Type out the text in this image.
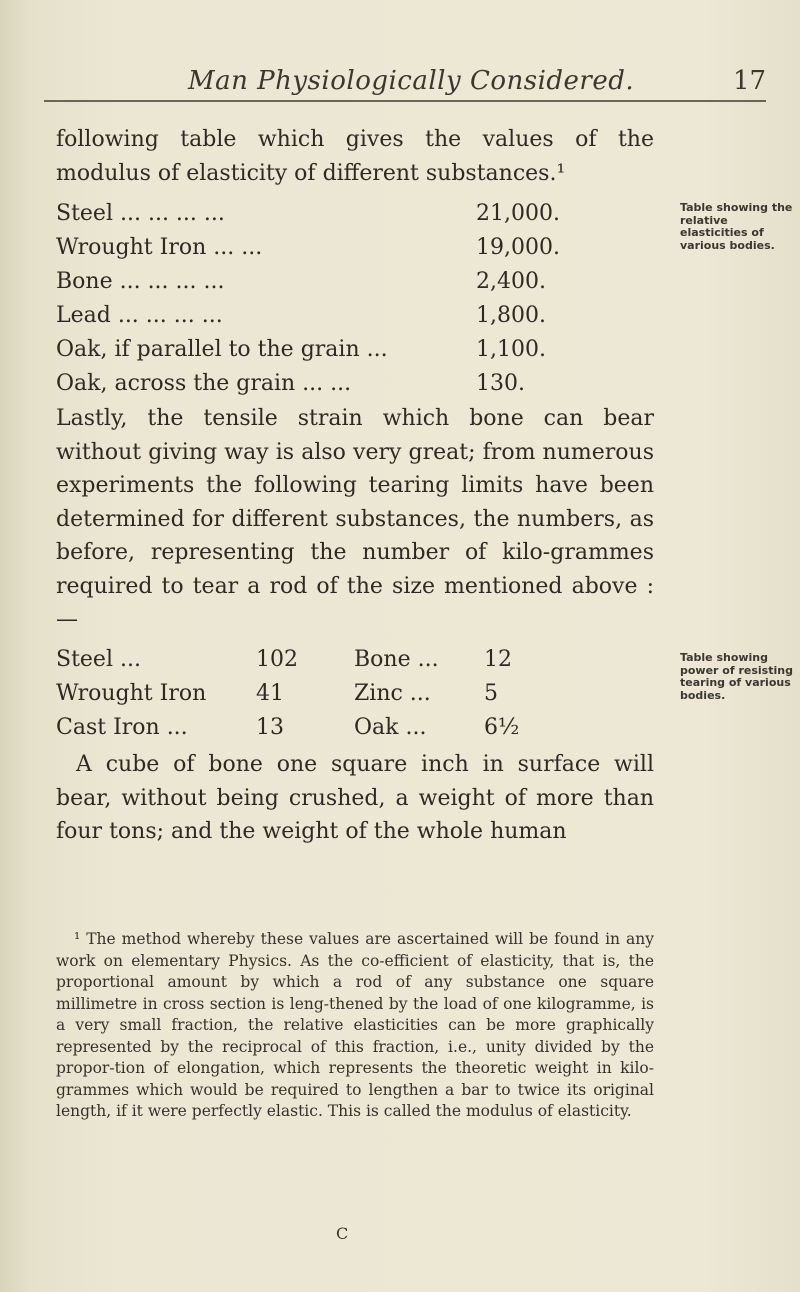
Man Physiologically Considered.	17
following table which gives the values of the modulus of elasticity of different substances.¹
Steel ... ... ... ...	21,000.
Wrought Iron ... ...	19,000.
Bone ... ... ... ...	2,400.
Lead ... ... ... ...	1,800.
Oak, if parallel to the grain ...	1,100.
Oak, across the grain ... ...	130.
Table showing the relative elasticities of various bodies.
Lastly, the tensile strain which bone can bear without giving way is also very great; from numerous experiments the following tearing limits have been determined for different substances, the numbers, as before, representing the number of kilo-grammes required to tear a rod of the size mentioned above :—
Steel ...	102	Bone ...	12
Wrought Iron	41	Zinc ...	5
Cast Iron ...	13	Oak ...	6½
Table showing power of resisting tearing of various bodies.
A cube of bone one square inch in surface will bear, without being crushed, a weight of more than four tons; and the weight of the whole human
¹ The method whereby these values are ascertained will be found in any work on elementary Physics. As the co-efficient of elasticity, that is, the proportional amount by which a rod of any substance one square millimetre in cross section is leng-thened by the load of one kilogramme, is a very small fraction, the relative elasticities can be more graphically represented by the reciprocal of this fraction, i.e., unity divided by the propor-tion of elongation, which represents the theoretic weight in kilo-grammes which would be required to lengthen a bar to twice its original length, if it were perfectly elastic. This is called the modulus of elasticity.
C
